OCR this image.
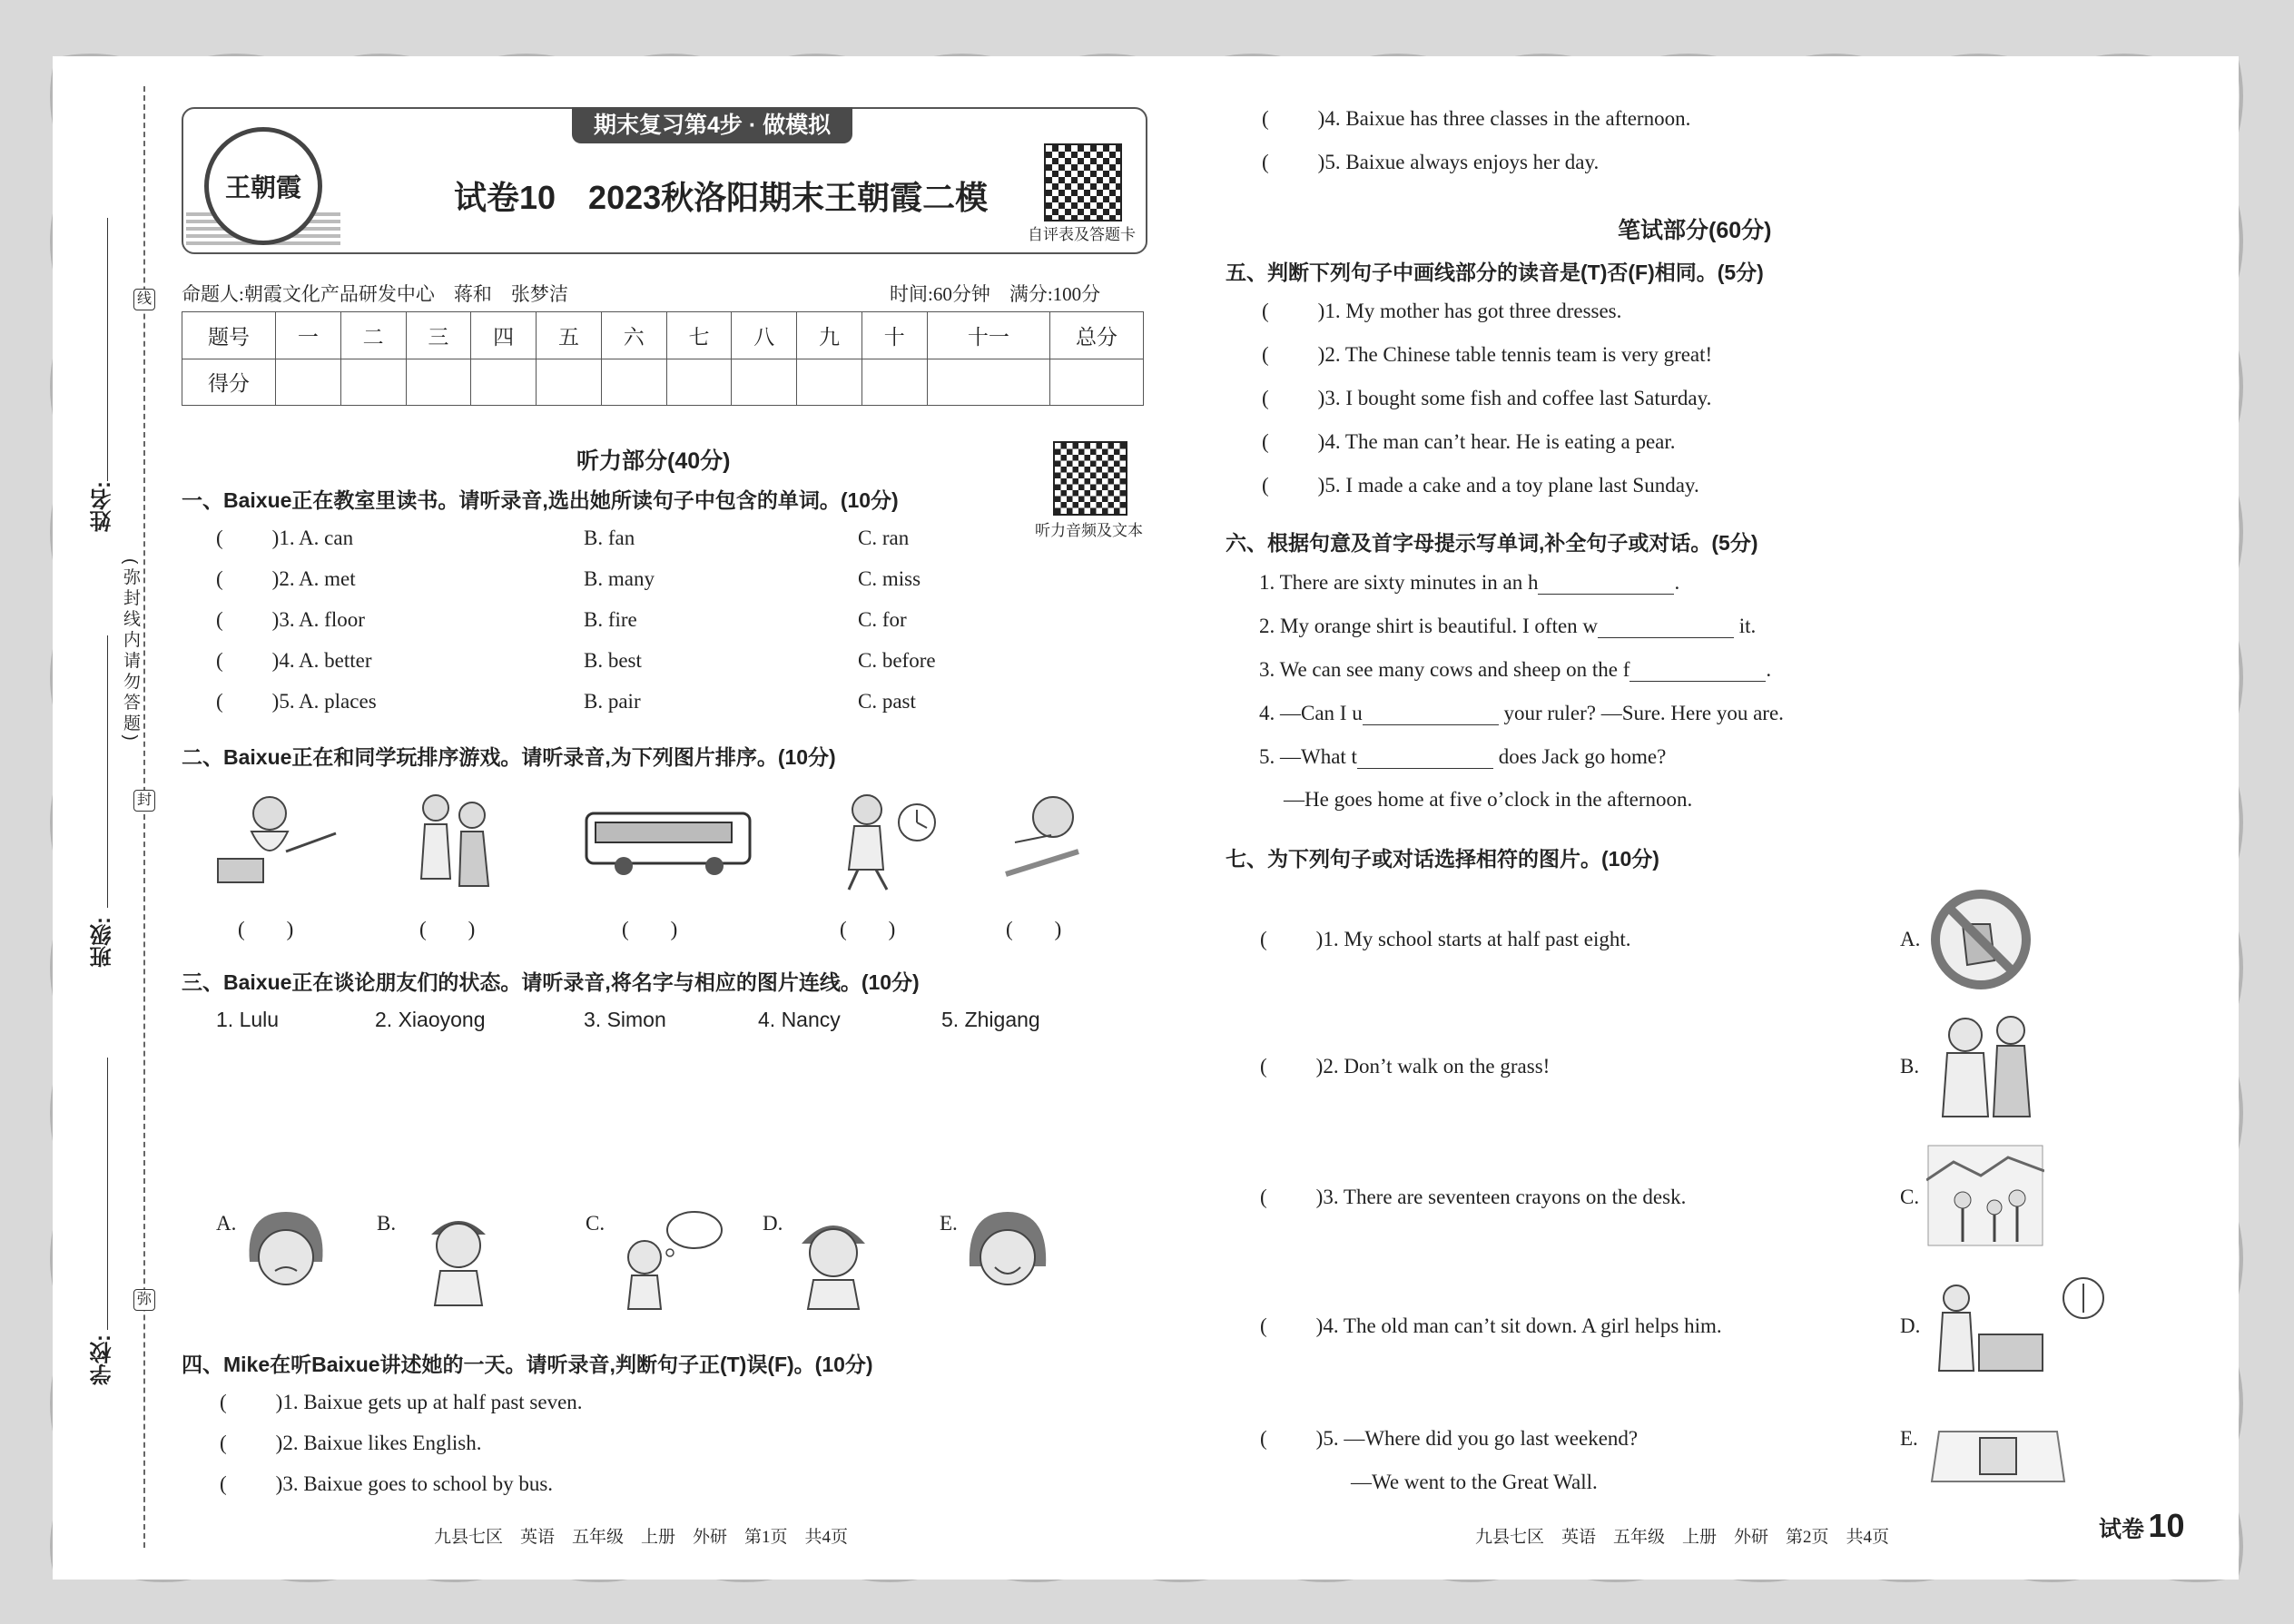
线
封
弥
(弥封线内请勿答题)
姓名:
班级:
学校:
王朝霞
期末复习第4步 · 做模拟
试卷10　2023秋洛阳期末王朝霞二模
自评表及答题卡
命题人:朝霞文化产品研发中心　蒋和　张梦洁	时间:60分钟　满分:100分
题号	一	二	三	四	五	六	七	八	九	十	十一	总分
得分												
听力部分(40分)
听力音频及文本
一、Baixue正在教室里读书。请听录音,选出她所读句子中包含的单词。(10分)
( )1. A. can	B. fan	C. ran
( )2. A. met	B. many	C. miss
( )3. A. floor	B. fire	C. for
( )4. A. better	B. best	C. before
( )5. A. places	B. pair	C. past
二、Baixue正在和同学玩排序游戏。请听录音,为下列图片排序。(10分)
(　　)	(　　)	(　　)	(　　)	(　　)
三、Baixue正在谈论朋友们的状态。请听录音,将名字与相应的图片连线。(10分)
1. Lulu	2. Xiaoyong	3. Simon	4. Nancy	5. Zhigang
A.	B.	C.	D.	E.
四、Mike在听Baixue讲述她的一天。请听录音,判断句子正(T)误(F)。(10分)
( )1. Baixue gets up at half past seven.
( )2. Baixue likes English.
( )3. Baixue goes to school by bus.
九县七区　英语　五年级　上册　外研　第1页　共4页
( )4. Baixue has three classes in the afternoon.
( )5. Baixue always enjoys her day.
笔试部分(60分)
五、判断下列句子中画线部分的读音是(T)否(F)相同。(5分)
( )1. My mother has got three dresses.
( )2. The Chinese table tennis team is very great!
( )3. I bought some fish and coffee last Saturday.
( )4. The man can’t hear. He is eating a pear.
( )5. I made a cake and a toy plane last Sunday.
六、根据句意及首字母提示写单词,补全句子或对话。(5分)
1. There are sixty minutes in an h	.
2. My orange shirt is beautiful. I often w	it.
3. We can see many cows and sheep on the f	.
4. —Can I u	your ruler? —Sure. Here you are.
5. —What t	does Jack go home?
—He goes home at five o’clock in the afternoon.
七、为下列句子或对话选择相符的图片。(10分)
( )1. My school starts at half past eight.
( )2. Don’t walk on the grass!
( )3. There are seventeen crayons on the desk.
( )4. The old man can’t sit down. A girl helps him.
( )5. —Where did you go last weekend?
—We went to the Great Wall.
A.
B.
C.
D.
E.
九县七区　英语　五年级　上册　外研　第2页　共4页	试卷 10
